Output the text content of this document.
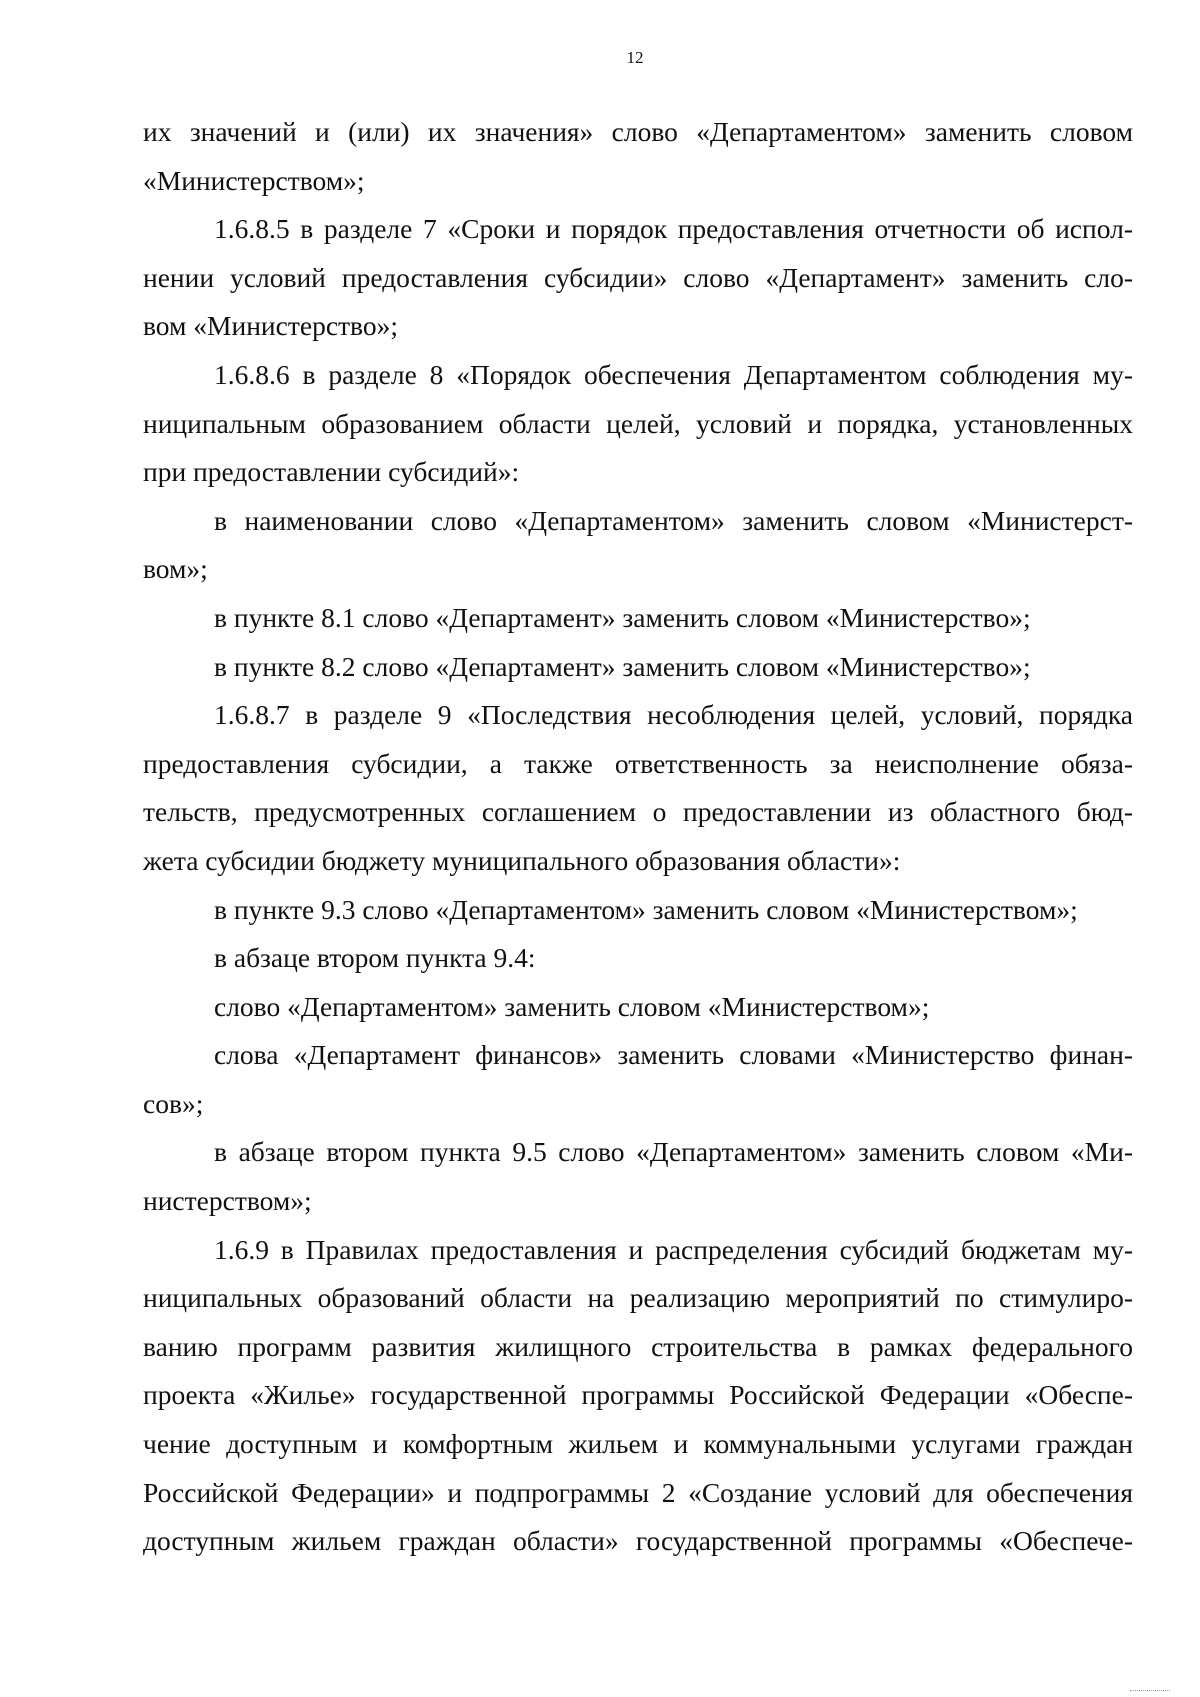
12

их значений и (или) их значения» слово «Департаментом» заменить словом

«Министерством»;

1.6.8.5 в разделе 7 «Сроки и порядок предоставления отчетности об испол-

нении условий предоставления субсидии» слово «Департамент» заменить сло-

вом «Министерство»;

1.6.8.6 в разделе 8 «Порядок обеспечения Департаментом соблюдения му-

ниципальным образованием области целей, условий и порядка, установленных

при предоставлении субсидий»:

в наименовании слово «Департаментом» заменить словом «Министерст-

вом»;

в пункте 8.1 слово «Департамент» заменить словом «Министерство»;

в пункте 8.2 слово «Департамент» заменить словом «Министерство»;

1.6.8.7 в разделе 9 «Последствия несоблюдения целей, условий, порядка

предоставления субсидии, а также ответственность за неисполнение обяза-

тельств, предусмотренных соглашением о предоставлении из областного бюд-

жета субсидии бюджету муниципального образования области»:

в пункте 9.3 слово «Департаментом» заменить словом «Министерством»;

в абзаце втором пункта 9.4:

слово «Департаментом» заменить словом «Министерством»;

слова «Департамент финансов» заменить словами «Министерство финан-

сов»;

в абзаце втором пункта 9.5 слово «Департаментом» заменить словом «Ми-

нистерством»;

1.6.9 в Правилах предоставления и распределения субсидий бюджетам му-

ниципальных образований области на реализацию мероприятий по стимулиро-

ванию программ развития жилищного строительства в рамках федерального

проекта «Жилье» государственной программы Российской Федерации «Обеспе-

чение доступным и комфортным жильем и коммунальными услугами граждан

Российской Федерации» и подпрограммы 2 «Создание условий для обеспечения

доступным жильем граждан области» государственной программы «Обеспече-
